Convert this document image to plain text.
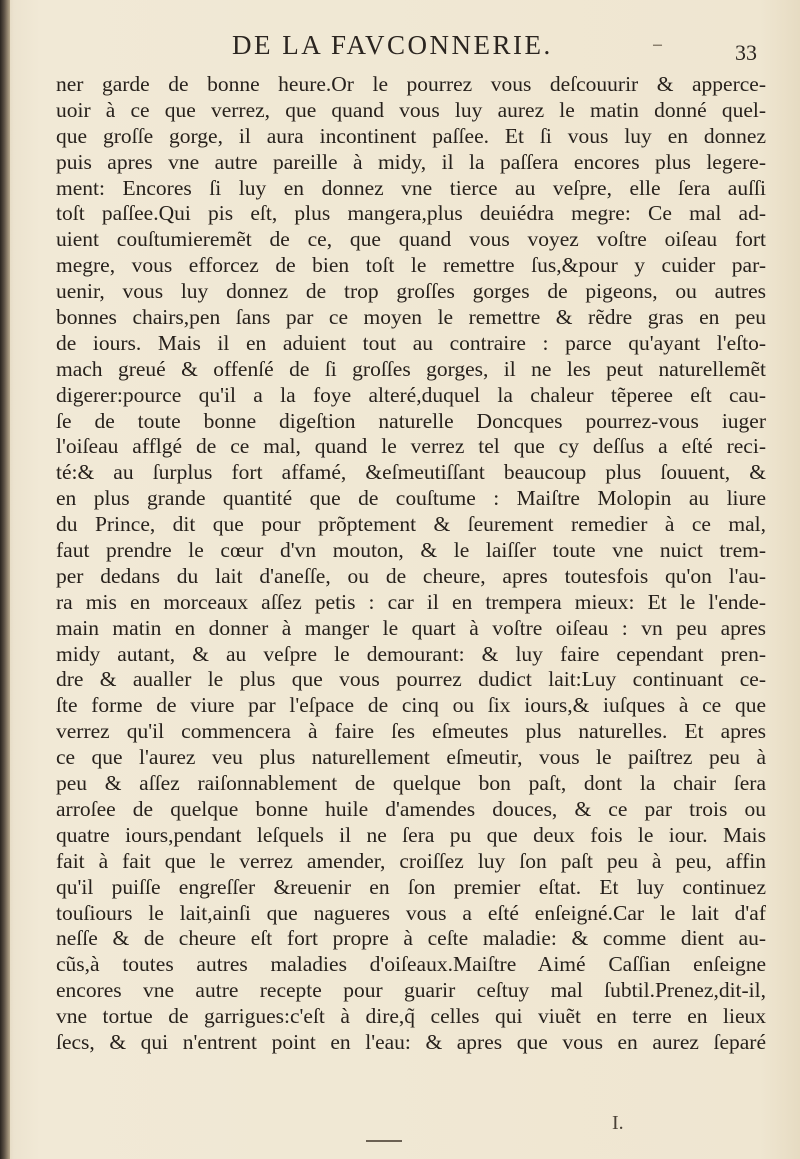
DE LA FAVCONNERIE.	–	33
ner garde de bonne heure.Or le pourrez vous deſcouurir & apperce-
uoir à ce que verrez, que quand vous luy aurez le matin donné quel-
que groſſe gorge, il aura incontinent paſſee. Et ſi vous luy en donnez
puis apres vne autre pareille à midy, il la paſſera encores plus legere-
ment: Encores ſi luy en donnez vne tierce au veſpre, elle ſera auſſi
toſt paſſee.Qui pis eſt, plus mangera,plus deuiédra megre: Ce mal ad-
uient couſtumieremẽt de ce, que quand vous voyez voſtre oiſeau fort
megre, vous efforcez de bien toſt le remettre ſus,&pour y cuider par-
uenir, vous luy donnez de trop groſſes gorges de pigeons, ou autres
bonnes chairs,pen ſans par ce moyen le remettre & rẽdre gras en peu
de iours. Mais il en aduient tout au contraire : parce qu'ayant l'eſto-
mach greué & offenſé de ſi groſſes gorges, il ne les peut naturellemẽt
digerer:pource qu'il a la foye alteré,duquel la chaleur tẽperee eſt cau-
ſe de toute bonne digeſtion naturelle Doncques pourrez-vous iuger
l'oiſeau afflgé de ce mal, quand le verrez tel que cy deſſus a eſté reci-
té:& au ſurplus fort affamé, &eſmeutiſſant beaucoup plus ſouuent, &
en plus grande quantité que de couſtume : Maiſtre Molopin au liure
du Prince, dit que pour prõptement & ſeurement remedier à ce mal,
faut prendre le cœur d'vn mouton, & le laiſſer toute vne nuict trem-
per dedans du lait d'aneſſe, ou de cheure, apres toutesfois qu'on l'au-
ra mis en morceaux aſſez petis : car il en trempera mieux: Et le l'ende-
main matin en donner à manger le quart à voſtre oiſeau : vn peu apres
midy autant, & au veſpre le demourant: & luy faire cependant pren-
dre & aualler le plus que vous pourrez dudict lait:Luy continuant ce-
ſte forme de viure par l'eſpace de cinq ou ſix iours,& iuſques à ce que
verrez qu'il commencera à faire ſes eſmeutes plus naturelles. Et apres
ce que l'aurez veu plus naturellement eſmeutir, vous le paiſtrez peu à
peu & aſſez raiſonnablement de quelque bon paſt, dont la chair ſera
arroſee de quelque bonne huile d'amendes douces, & ce par trois ou
quatre iours,pendant leſquels il ne ſera pu que deux fois le iour. Mais
fait à fait que le verrez amender, croiſſez luy ſon paſt peu à peu, affin
qu'il puiſſe engreſſer &reuenir en ſon premier eſtat. Et luy continuez
touſiours le lait,ainſi que nagueres vous a eſté enſeigné.Car le lait d'af
neſſe & de cheure eſt fort propre à ceſte maladie: & comme dient au-
cũs,à toutes autres maladies d'oiſeaux.Maiſtre Aimé Caſſian enſeigne
encores vne autre recepte pour guarir ceſtuy mal ſubtil.Prenez,dit-il,
vne tortue de garrigues:c'eſt à dire,q̃ celles qui viuẽt en terre en lieux
ſecs, & qui n'entrent point en l'eau: & apres que vous en aurez ſeparé
I.
